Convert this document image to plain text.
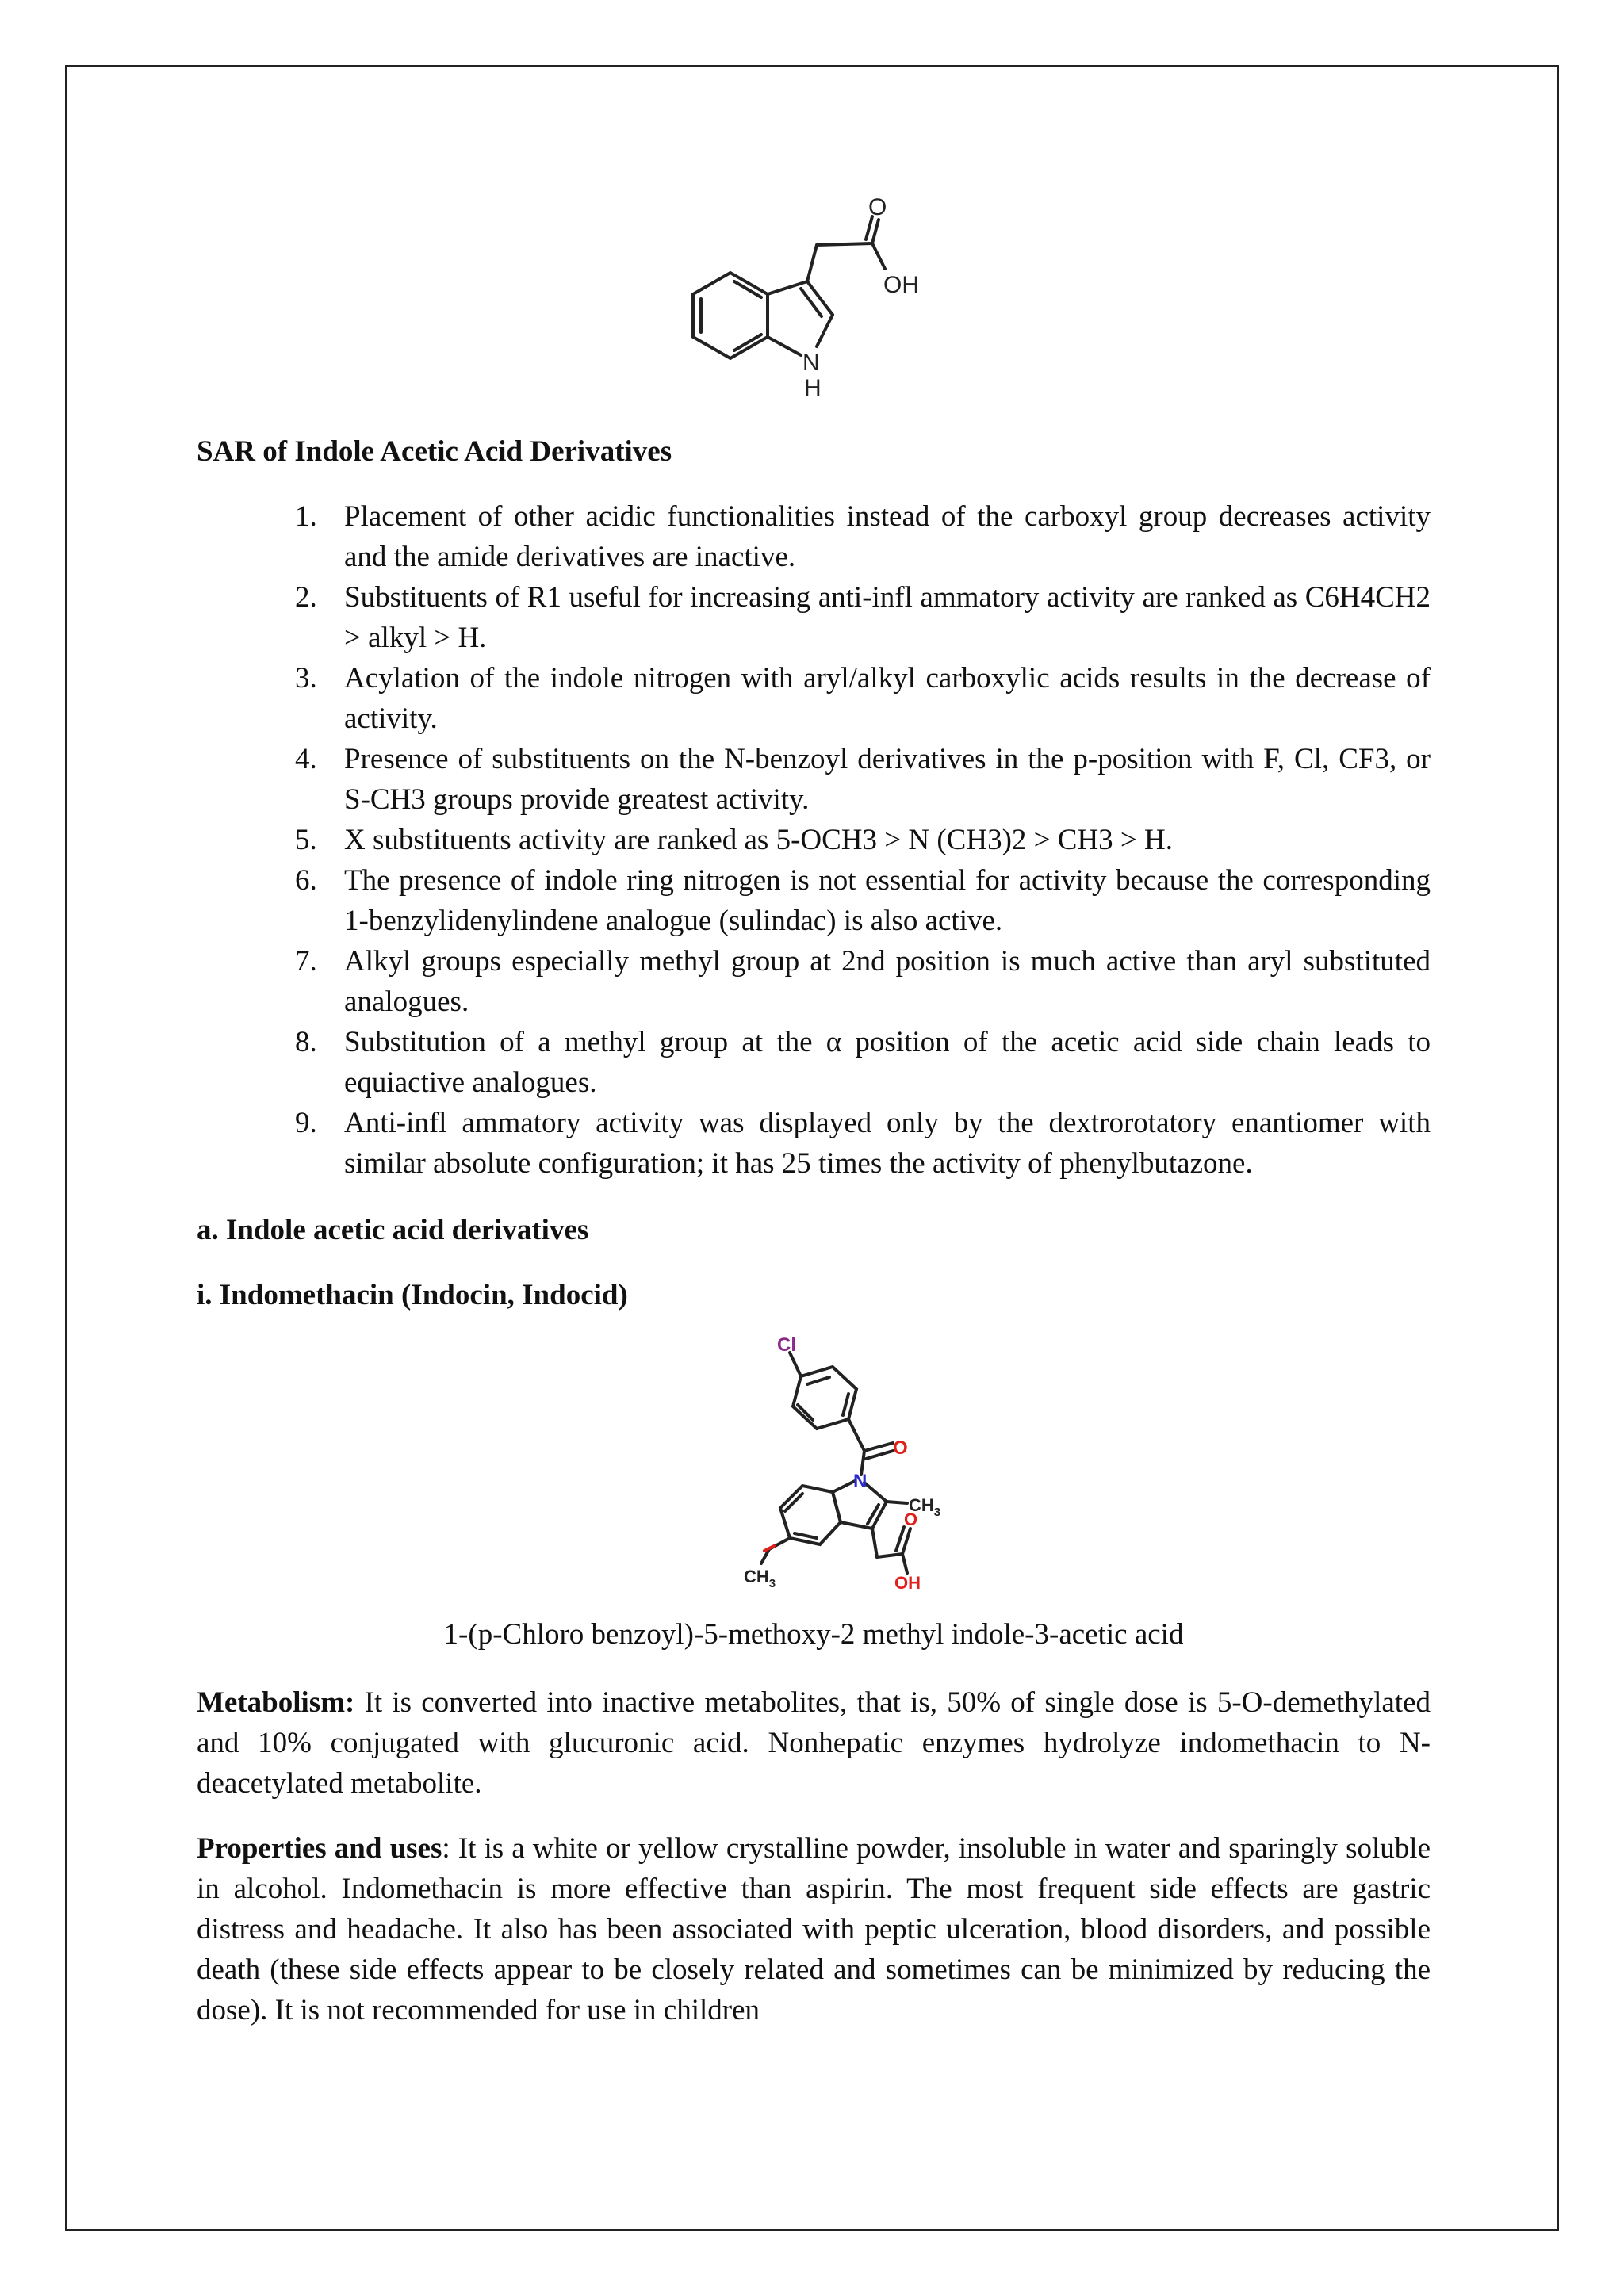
O
OH
N
H
SAR of Indole Acetic Acid Derivatives
1. Placement of other acidic functionalities instead of the carboxyl group decreases activity and the amide derivatives are inactive.
2. Substituents of R1 useful for increasing anti-infl ammatory activity are ranked as C6H4CH2 > alkyl > H.
3. Acylation of the indole nitrogen with aryl/alkyl carboxylic acids results in the decrease of activity.
4. Presence of substituents on the N-benzoyl derivatives in the p-position with F, Cl, CF3, or S-CH3 groups provide greatest activity.
5. X substituents activity are ranked as 5-OCH3 > N (CH3)2 > CH3 > H.
6. The presence of indole ring nitrogen is not essential for activity because the corresponding 1-benzylidenylindene analogue (sulindac) is also active.
7. Alkyl groups especially methyl group at 2nd position is much active than aryl substituted analogues.
8. Substitution of a methyl group at the α position of the acetic acid side chain leads to equiactive analogues.
9. Anti-infl ammatory activity was displayed only by the dextrorotatory enantiomer with similar absolute configuration; it has 25 times the activity of phenylbutazone.
a. Indole acetic acid derivatives
i. Indomethacin (Indocin, Indocid)
Cl
O
N
$CH_3$
$CH_3$
O
OH

1-(p-Chloro benzoyl)-5-methoxy-2 methyl indole-3-acetic acid

Metabolism: It is converted into inactive metabolites, that is, 50% of single dose is 5-O-demethylated and 10% conjugated with glucuronic acid. Nonhepatic enzymes hydrolyze indomethacin to N-deacetylated metabolite.

Properties and uses: It is a white or yellow crystalline powder, insoluble in water and sparingly soluble in alcohol. Indomethacin is more effective than aspirin. The most frequent side effects are gastric distress and headache. It also has been associated with peptic ulceration, blood disorders, and possible death (these side effects appear to be closely related and sometimes can be minimized by reducing the dose). It is not recommended for use in children
